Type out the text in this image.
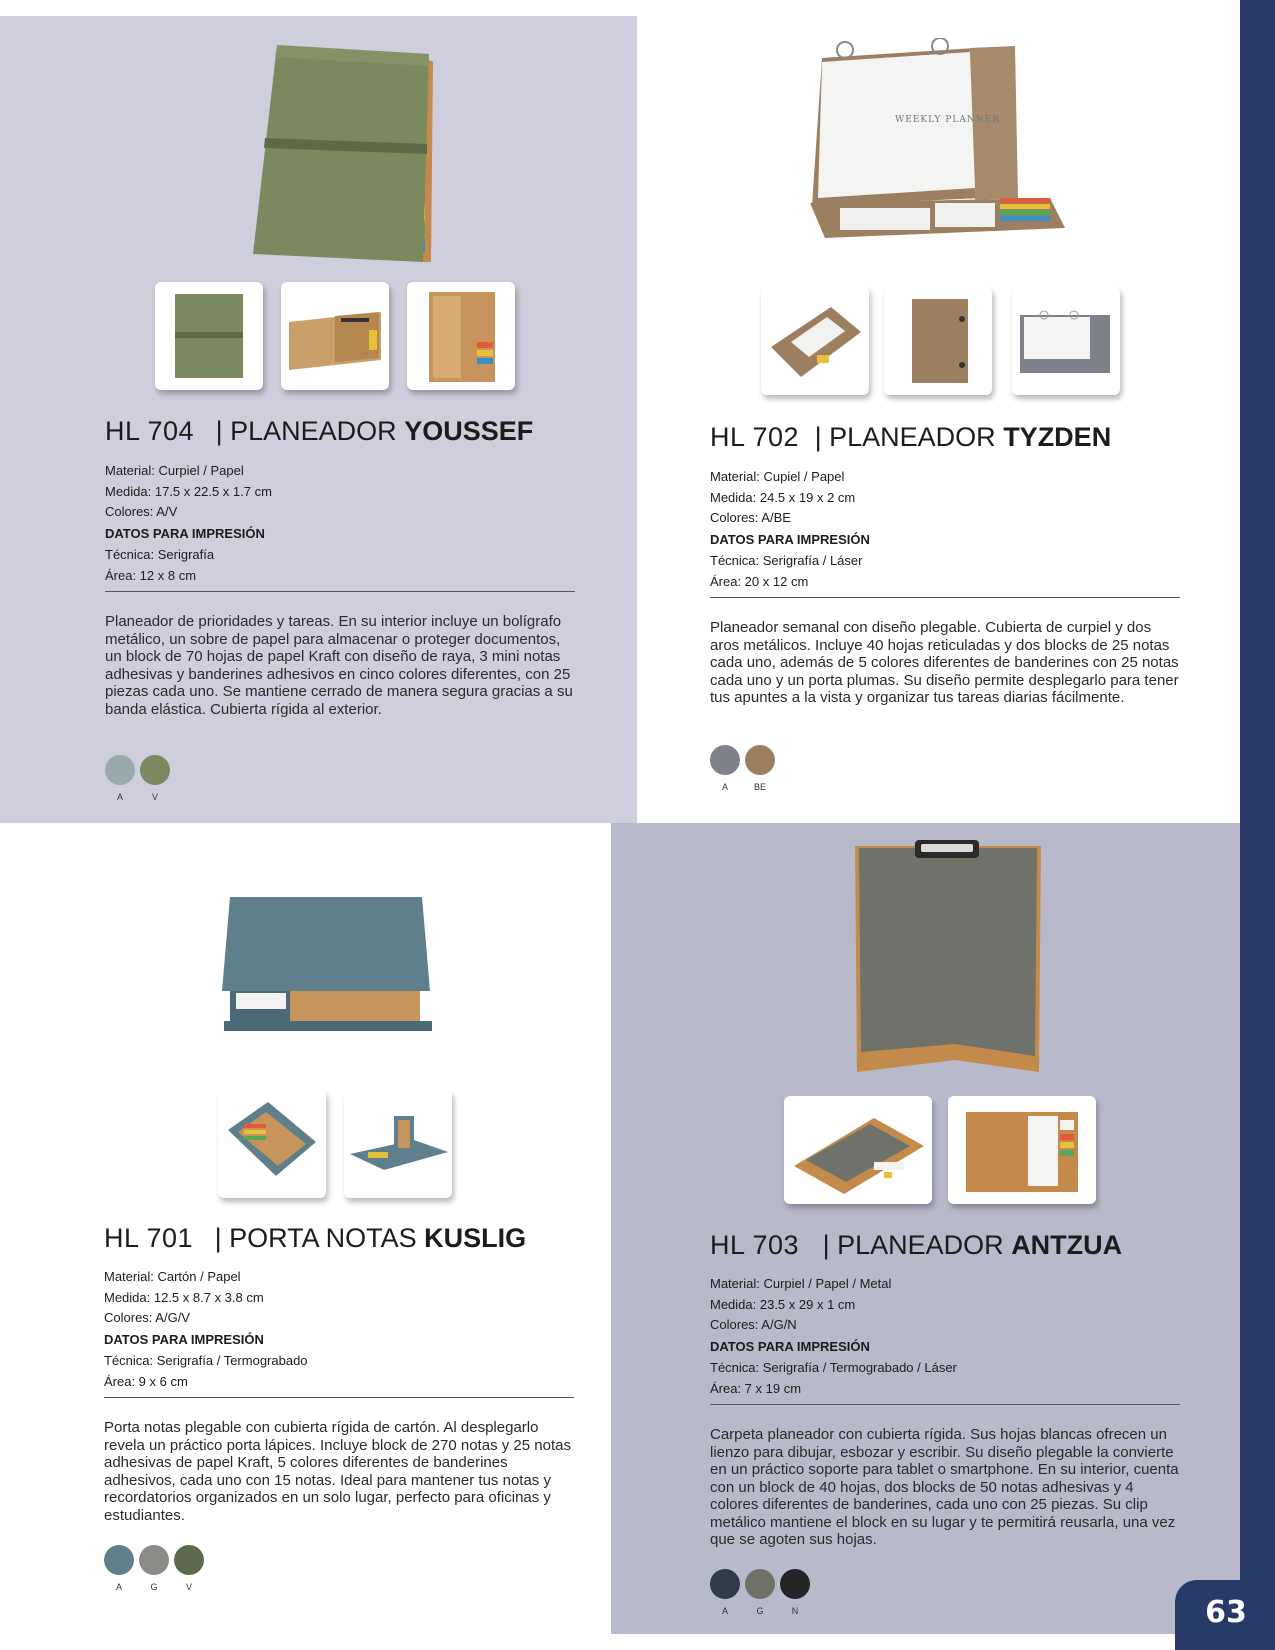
63
HL 704 | PLANEADOR YOUSSEF
Material: Curpiel / Papel
Medida: 17.5 x 22.5 x 1.7 cm
Colores: A/V
DATOS PARA IMPRESIÓN
Técnica: Serigrafía
Área: 12 x 8 cm
Planeador de prioridades y tareas. En su interior incluye un bolígrafo metálico, un sobre de papel para almacenar o proteger documentos, un block de 70 hojas de papel Kraft con diseño de raya, 3 mini notas adhesivas y banderines adhesivos en cinco colores diferentes, con 25 piezas cada uno. Se mantiene cerrado de manera segura gracias a su banda elástica. Cubierta rígida al exterior.
A	V
WEEKLY PLANNER
HL 702 | PLANEADOR TYZDEN
Material: Cupiel / Papel
Medida: 24.5 x 19 x 2 cm
Colores: A/BE
DATOS PARA IMPRESIÓN
Técnica: Serigrafía / Láser
Área: 20 x 12 cm
Planeador semanal con diseño plegable. Cubierta de curpiel y dos aros metálicos. Incluye 40 hojas reticuladas y dos blocks de 25 notas cada uno, además de 5 colores diferentes de banderines con 25 notas cada uno y un porta plumas. Su diseño permite desplegarlo para tener tus apuntes a la vista y organizar tus tareas diarias fácilmente.
A	BE
HL 701 | PORTA NOTAS KUSLIG
Material: Cartón / Papel
Medida: 12.5 x 8.7 x 3.8 cm
Colores: A/G/V
DATOS PARA IMPRESIÓN
Técnica: Serigrafía / Termograbado
Área: 9 x 6 cm
Porta notas plegable con cubierta rígida de cartón. Al desplegarlo revela un práctico porta lápices. Incluye block de 270 notas y 25 notas adhesivas de papel Kraft, 5 colores diferentes de banderines adhesivos, cada uno con 15 notas. Ideal para mantener tus notas y recordatorios organizados en un solo lugar, perfecto para oficinas y estudiantes.
A	G	V
HL 703 | PLANEADOR ANTZUA
Material: Curpiel / Papel / Metal
Medida: 23.5 x 29 x 1 cm
Colores: A/G/N
DATOS PARA IMPRESIÓN
Técnica: Serigrafía / Termograbado / Láser
Área: 7 x 19 cm
Carpeta planeador con cubierta rígida. Sus hojas blancas ofrecen un lienzo para dibujar, esbozar y escribir. Su diseño plegable la convierte en un práctico soporte para tablet o smartphone. En su interior, cuenta con un block de 40 hojas, dos blocks de 50 notas adhesivas y 4 colores diferentes de banderines, cada uno con 25 piezas. Su clip metálico mantiene el block en su lugar y te permitirá reusarla, una vez que se agoten sus hojas.
A	G	N
